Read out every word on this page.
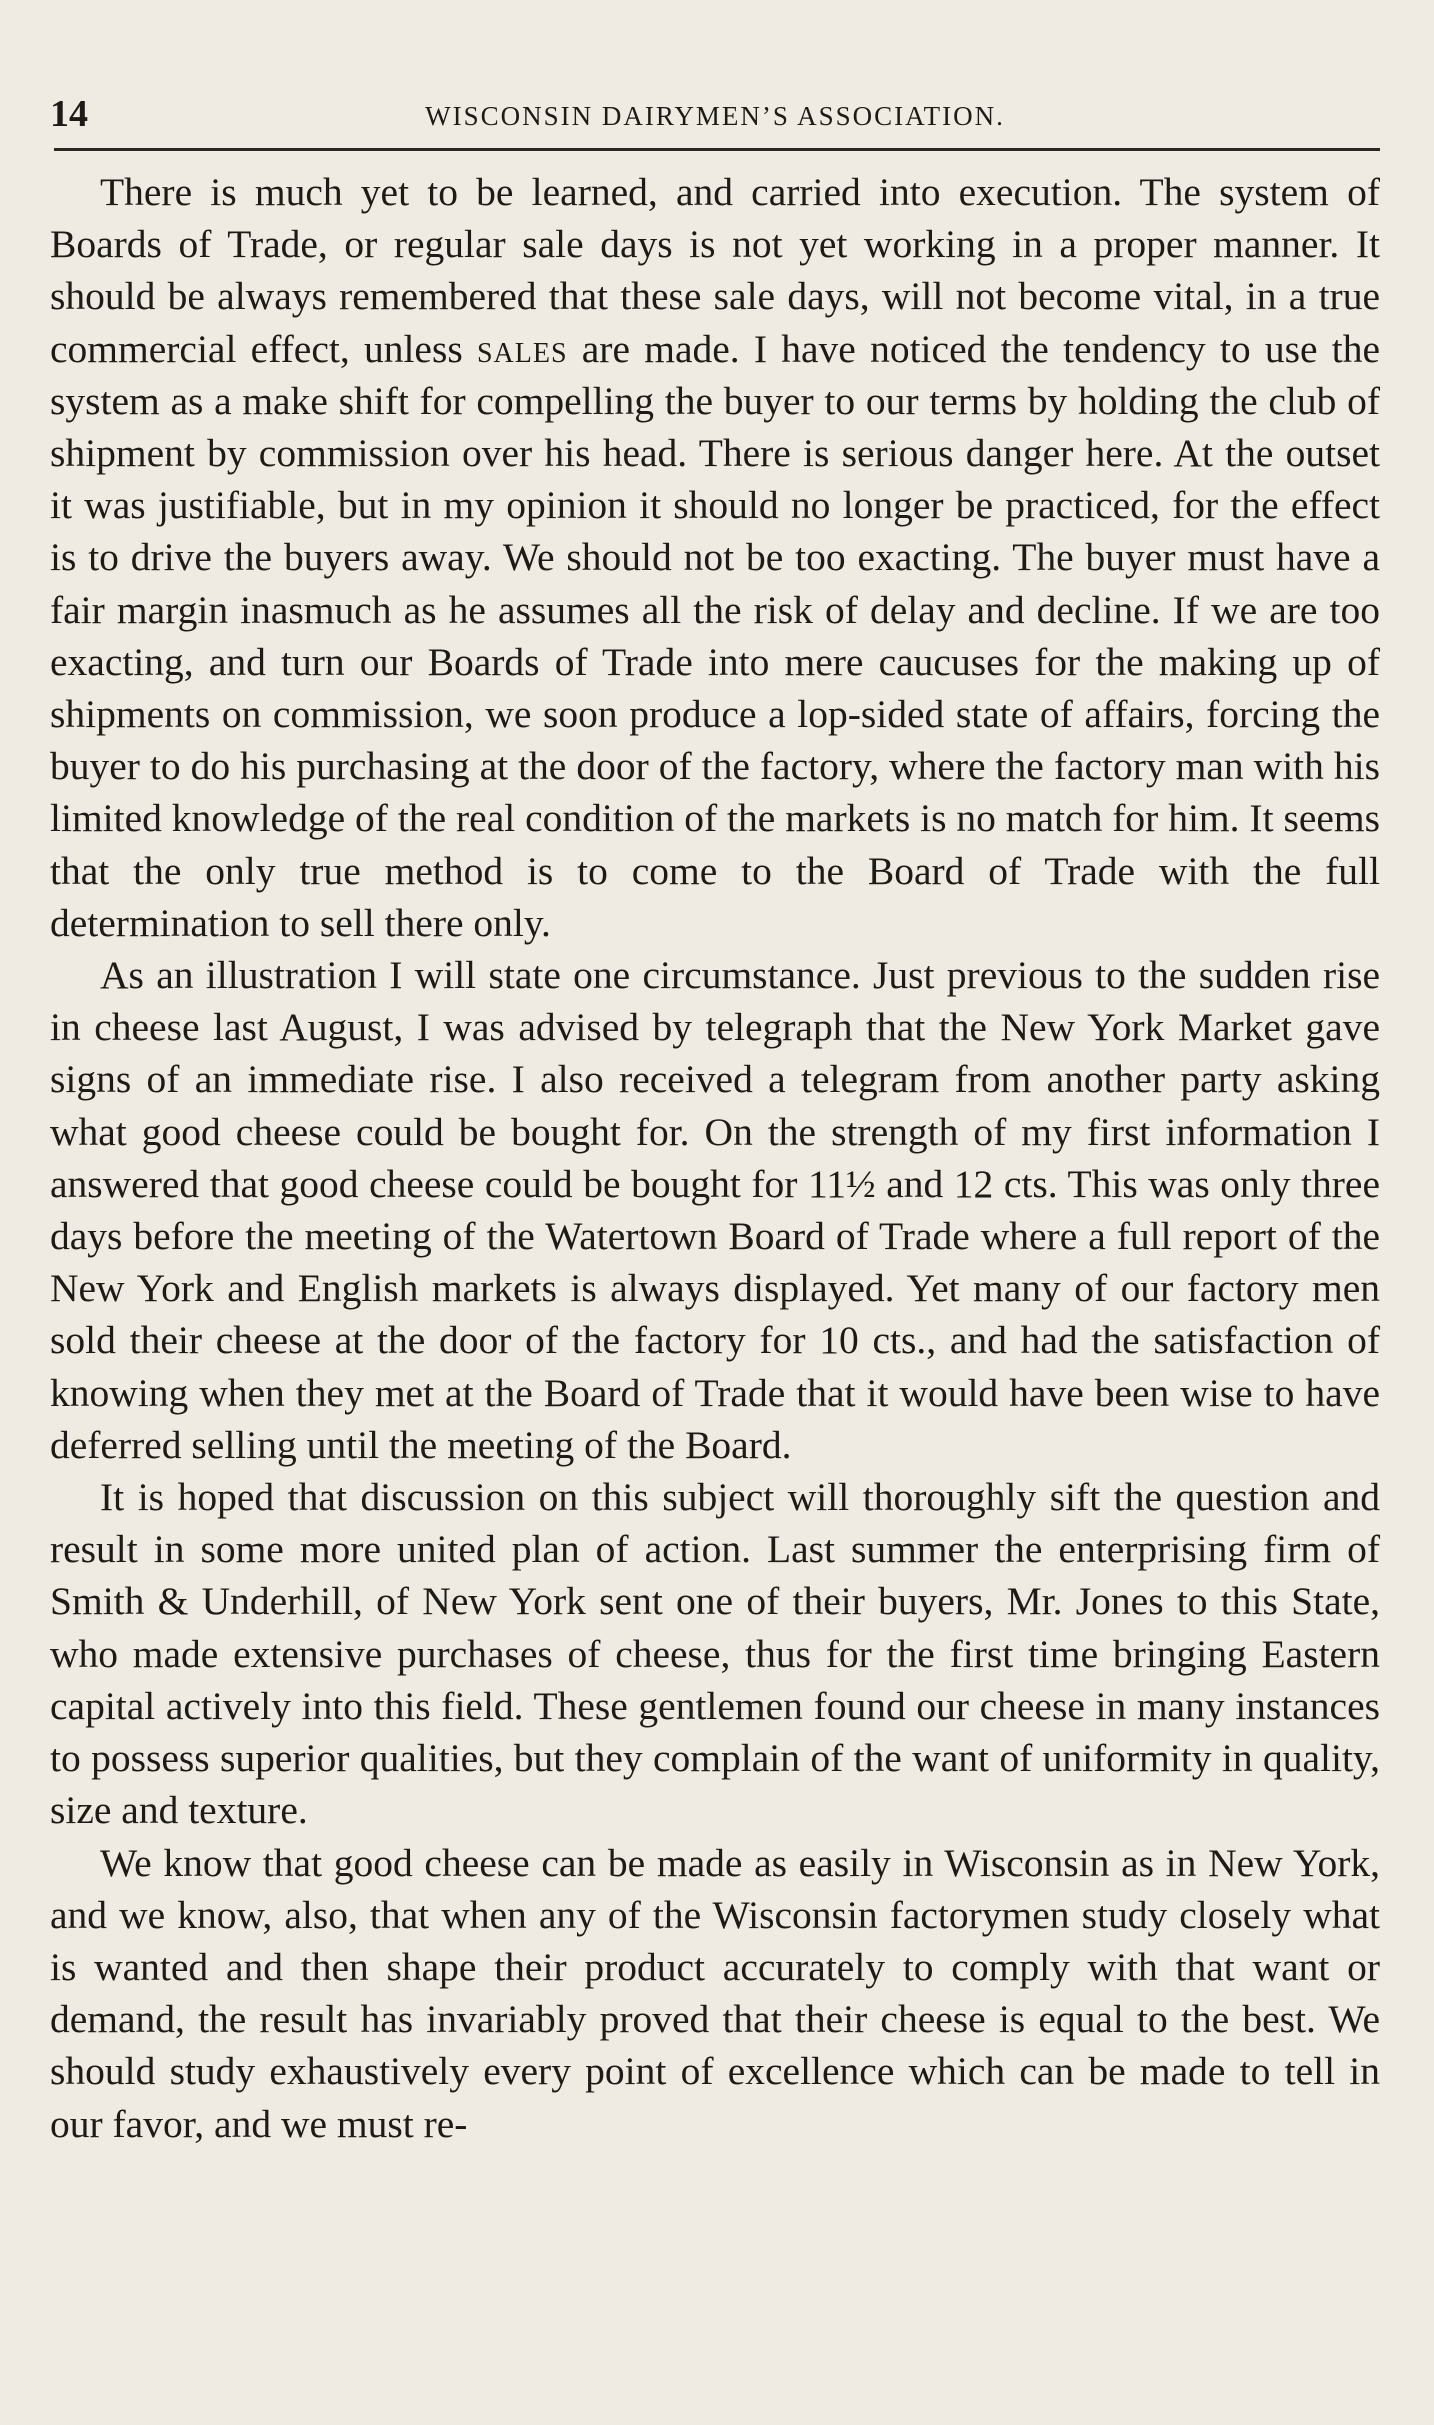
14	WISCONSIN DAIRYMEN’S ASSOCIATION.

There is much yet to be learned, and carried into execution. The system of Boards of Trade, or regular sale days is not yet working in a proper manner. It should be always remembered that these sale days, will not become vital, in a true commercial effect, unless sales are made. I have noticed the tendency to use the system as a make shift for compelling the buyer to our terms by holding the club of shipment by commission over his head. There is serious danger here. At the outset it was justifiable, but in my opinion it should no longer be practiced, for the effect is to drive the buyers away. We should not be too exacting. The buyer must have a fair margin inasmuch as he assumes all the risk of delay and decline. If we are too exacting, and turn our Boards of Trade into mere caucuses for the making up of shipments on commission, we soon produce a lop-sided state of affairs, forcing the buyer to do his purchasing at the door of the factory, where the factory man with his limited knowledge of the real condition of the markets is no match for him. It seems that the only true method is to come to the Board of Trade with the full determination to sell there only.

As an illustration I will state one circumstance. Just previous to the sudden rise in cheese last August, I was advised by telegraph that the New York Market gave signs of an immediate rise. I also received a telegram from another party asking what good cheese could be bought for. On the strength of my first information I answered that good cheese could be bought for 11½ and 12 cts. This was only three days before the meeting of the Watertown Board of Trade where a full report of the New York and English markets is always displayed. Yet many of our factory men sold their cheese at the door of the factory for 10 cts., and had the satisfaction of knowing when they met at the Board of Trade that it would have been wise to have deferred selling until the meeting of the Board.

It is hoped that discussion on this subject will thoroughly sift the question and result in some more united plan of action. Last summer the enterprising firm of Smith & Underhill, of New York sent one of their buyers, Mr. Jones to this State, who made extensive purchases of cheese, thus for the first time bringing Eastern capital actively into this field. These gentlemen found our cheese in many instances to possess superior qualities, but they complain of the want of uniformity in quality, size and texture.

We know that good cheese can be made as easily in Wisconsin as in New York, and we know, also, that when any of the Wisconsin factorymen study closely what is wanted and then shape their product accurately to comply with that want or demand, the result has invariably proved that their cheese is equal to the best. We should study exhaustively every point of excellence which can be made to tell in our favor, and we must re-
